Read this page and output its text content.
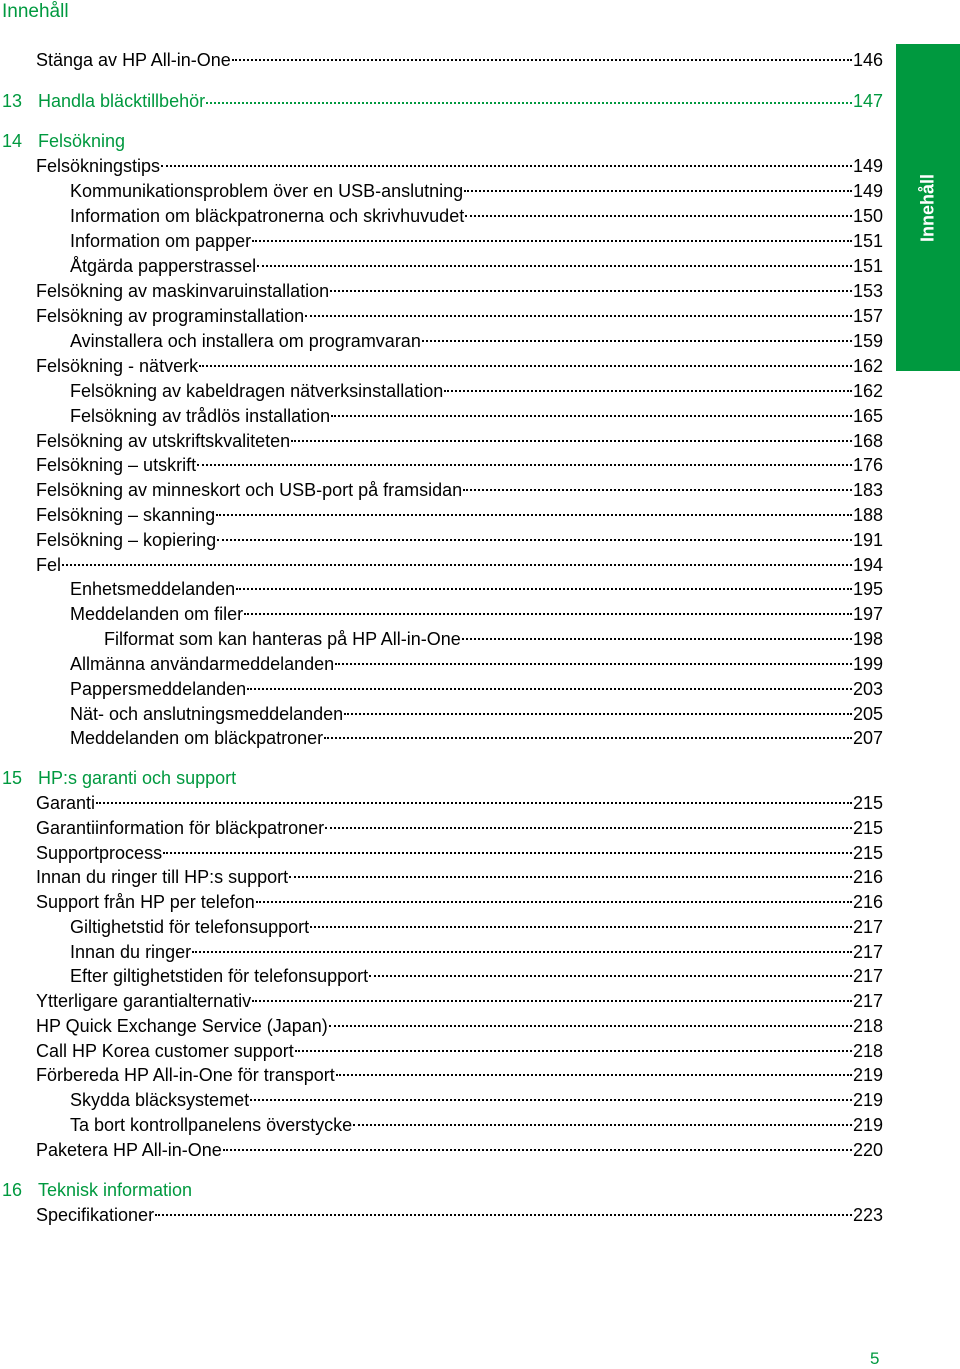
Innehåll
Stänga av HP All-in-One	146
13 Handla bläcktillbehör	147
14 Felsökning
Felsökningstips	149
Kommunikationsproblem över en USB-anslutning	149
Information om bläckpatronerna och skrivhuvudet	150
Information om papper	151
Åtgärda papperstrassel	151
Felsökning av maskinvaruinstallation	153
Felsökning av programinstallation	157
Avinstallera och installera om programvaran	159
Felsökning - nätverk	162
Felsökning av kabeldragen nätverksinstallation	162
Felsökning av trådlös installation	165
Felsökning av utskriftskvaliteten	168
Felsökning – utskrift	176
Felsökning av minneskort och USB-port på framsidan	183
Felsökning – skanning	188
Felsökning – kopiering	191
Fel	194
Enhetsmeddelanden	195
Meddelanden om filer	197
Filformat som kan hanteras på HP All-in-One	198
Allmänna användarmeddelanden	199
Pappersmeddelanden	203
Nät- och anslutningsmeddelanden	205
Meddelanden om bläckpatroner	207
15 HP:s garanti och support
Garanti	215
Garantiinformation för bläckpatroner	215
Supportprocess	215
Innan du ringer till HP:s support	216
Support från HP per telefon	216
Giltighetstid för telefonsupport	217
Innan du ringer	217
Efter giltighetstiden för telefonsupport	217
Ytterligare garantialternativ	217
HP Quick Exchange Service (Japan)	218
Call HP Korea customer support	218
Förbereda HP All-in-One för transport	219
Skydda bläcksystemet	219
Ta bort kontrollpanelens överstycke	219
Paketera HP All-in-One	220
16 Teknisk information
Specifikationer	223
Innehåll
5
